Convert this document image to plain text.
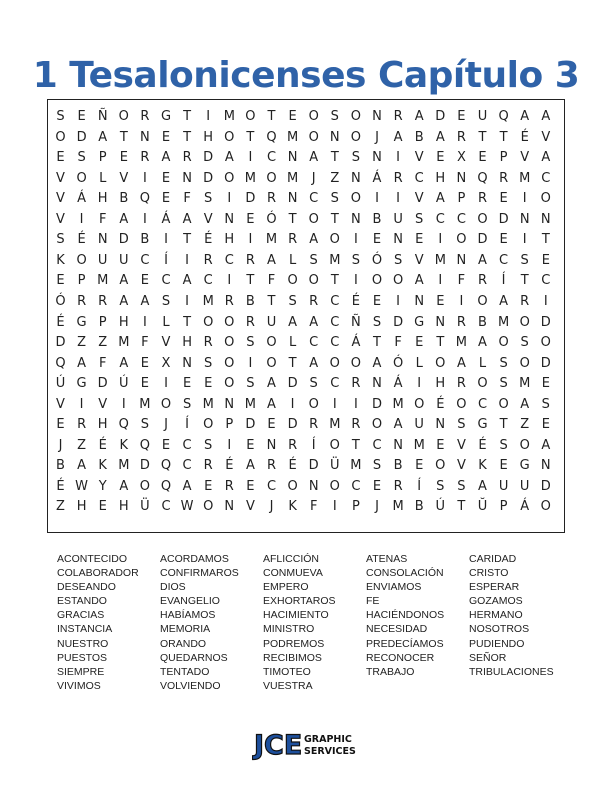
1 Tesalonicenses Capítulo 3
S E Ñ O R G T	I	M O T	E O S O N R A D E U Q A A
O D A T N E	T H O T Q M O N O	J	A B A R T	T	É V
E S	P	E R A R D A	I	C N A T S N	I	V E X E	P V A
V O L	V	I	E N D O M O M	J	Z N Á R C H N Q R M C
V Á H B Q E	F	S	I	D R N C S O	I	I	V A P R E	I	O
V	I	F A	I	Á A V N E Ó T O T N B U S C C O D N N
S É N D B	I	T	É H	I	M R A O	I	E N E	I	O D E	I	T
K O U U C	Í	I	R C R A	L	S M S Ó S V M N A C S E
E	P M A E C A C	I	T	F O O T	I	O O A	I	F R	Í	T C
Ó R R A A S	I	M R B T S R C É E	I	N E	I	O A R	I
É G P H	I	L	T O O R U A A C Ñ S D G N R B M O D
D Z Z M F V H R O S O L C C Á T	F	E	T M A O S O
Q A F A E X N S O	I	O T A O O A Ó L O A	L	S O D
Ú G D Ú E	I	E E O S A D S C R N Á	I	H R O S M E
V	I	V	I	M O S M N M A	I	O	I	I	D M O É O C O A S
E R H Q S	J	Í	O P D E D R M R O A U N S G T Z E
J	Z É K Q E C S	I	E N R	Í	O T C N M E V É S O A
B A K M D Q C R É A R É D Ü M S B E O V K E G N
É W Y A O Q A E R E C O N O C E R	Í	S S A U U D
Z H E H Ü C W O N V	J	K	F	I	P	J	M B Ú T Ŭ P Á O
ACONTECIDO
COLABORADOR
DESEANDO
ESTANDO
GRACIAS
INSTANCIA
NUESTRO
PUESTOS
SIEMPRE
VIVIMOS
ACORDAMOS
CONFIRMAROS
DIOS
EVANGELIO
HABÍAMOS
MEMORIA
ORANDO
QUEDARNOS
TENTADO
VOLVIENDO
AFLICCIÓN
CONMUEVA
EMPERO
EXHORTAROS
HACIMIENTO
MINISTRO
PODREMOS
RECIBIMOS
TIMOTEO
VUESTRA
ATENAS
CONSOLACIÓN
ENVIAMOS
FE
HACIÉNDONOS
NECESIDAD
PREDECÍAMOS
RECONOCER
TRABAJO
CARIDAD
CRISTO
ESPERAR
GOZAMOS
HERMANO
NOSOTROS
PUDIENDO
SEÑOR
TRIBULACIONES
JCE GRAPHIC
SERVICES
